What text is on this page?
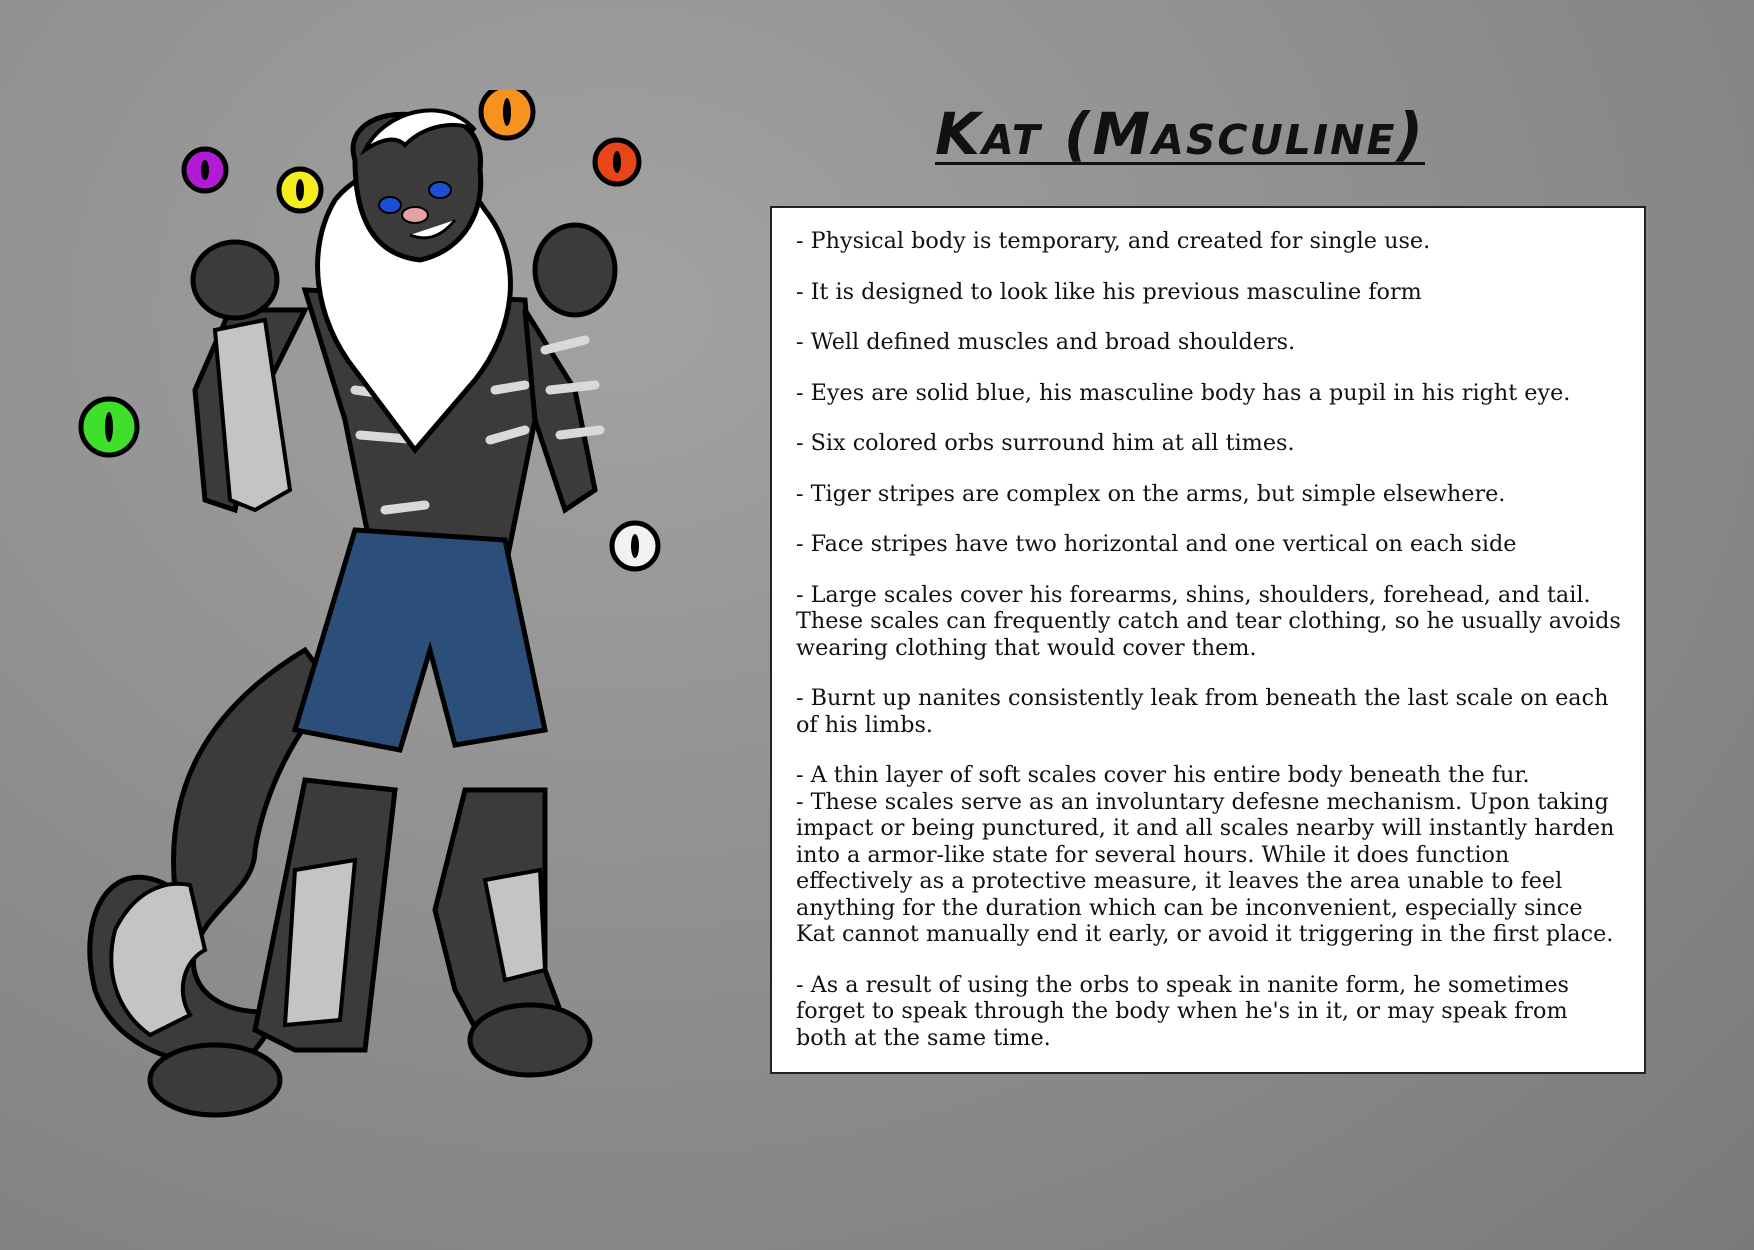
Kat (Masculine)

- Physical body is temporary, and created for single use.

- It is designed to look like his previous masculine form

- Well defined muscles and broad shoulders.

- Eyes are solid blue, his masculine body has a pupil in his right eye.

- Six colored orbs surround him at all times.

- Tiger stripes are complex on the arms, but simple elsewhere.

- Face stripes have two horizontal and one vertical on each side

- Large scales cover his forearms, shins, shoulders, forehead, and tail. These scales can frequently catch and tear clothing, so he usually avoids wearing clothing that would cover them.

- Burnt up nanites consistently leak from beneath the last scale on each of his limbs.

- A thin layer of soft scales cover his entire body beneath the fur.

- These scales serve as an involuntary defesne mechanism. Upon taking impact or being punctured, it and all scales nearby will instantly harden into a armor-like state for several hours. While it does function effectively as a protective measure, it leaves the area unable to feel anything for the duration which can be inconvenient, especially since Kat cannot manually end it early, or avoid it triggering in the first place.

- As a result of using the orbs to speak in nanite form, he sometimes forget to speak through the body when he's in it, or may speak from both at the same time.
